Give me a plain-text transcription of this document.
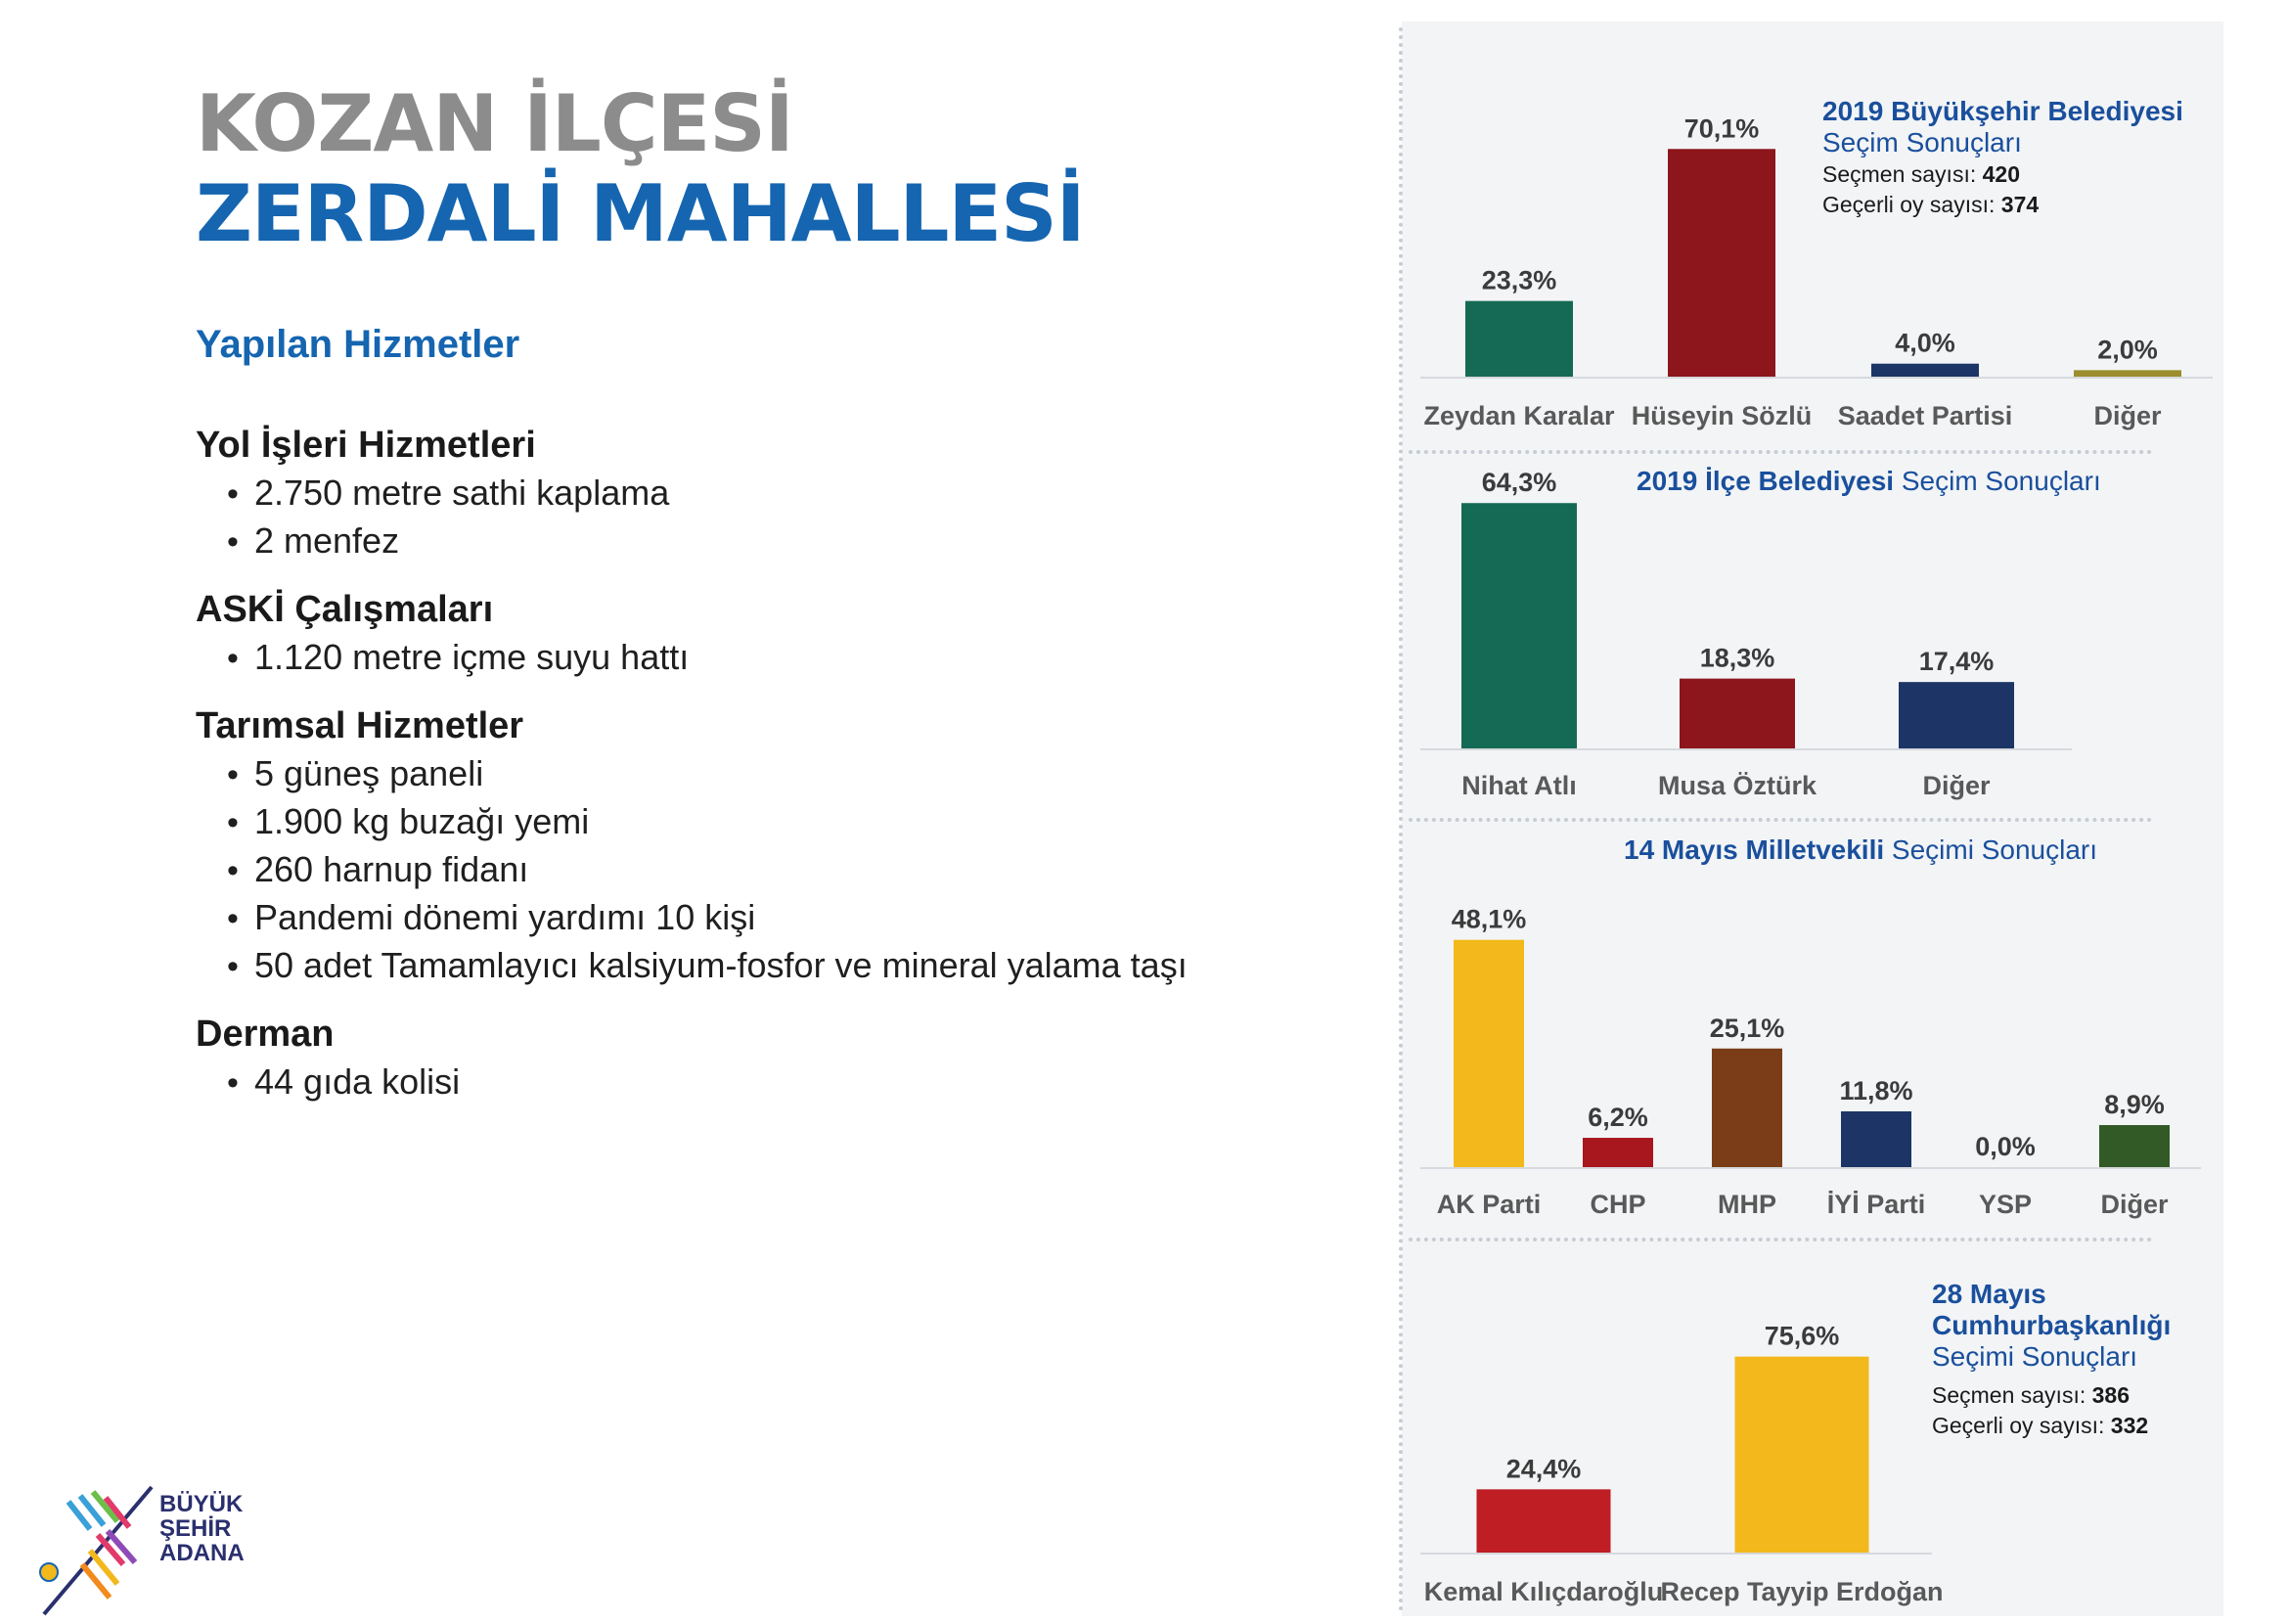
KOZAN İLÇESİ
ZERDALİ MAHALLESİ
Yapılan Hizmetler
Yol İşleri Hizmetleri
• 2.750 metre sathi kaplama
• 2 menfez
ASKİ Çalışmaları
• 1.120 metre içme suyu hattı
Tarımsal Hizmetler
• 5 güneş paneli
• 1.900 kg buzağı yemi
• 260 harnup fidanı
• Pandemi dönemi yardımı 10 kişi
• 50 adet Tamamlayıcı kalsiyum-fosfor ve mineral yalama taşı
Derman
• 44 gıda kolisi
BÜYÜK
ŞEHİR
ADANA
2019 Büyükşehir Belediyesi
Seçim Sonuçları
Seçmen sayısı: 420
Geçerli oy sayısı: 374
2019 İlçe Belediyesi Seçim Sonuçları
14 Mayıs Milletvekili Seçimi Sonuçları
28 Mayıs
Cumhurbaşkanlığı
Seçimi Sonuçları
Seçmen sayısı: 386
Geçerli oy sayısı: 332
23,3%
Zeydan Karalar
70,1%
Hüseyin Sözlü
4,0%
Saadet Partisi
2,0%
Diğer
64,3%
Nihat Atlı
18,3%
Musa Öztürk
17,4%
Diğer
48,1%
AK Parti
6,2%
CHP
25,1%
MHP
11,8%
İYİ Parti
0,0%
YSP
8,9%
Diğer
24,4%
Kemal Kılıçdaroğlu
75,6%
Recep Tayyip Erdoğan
